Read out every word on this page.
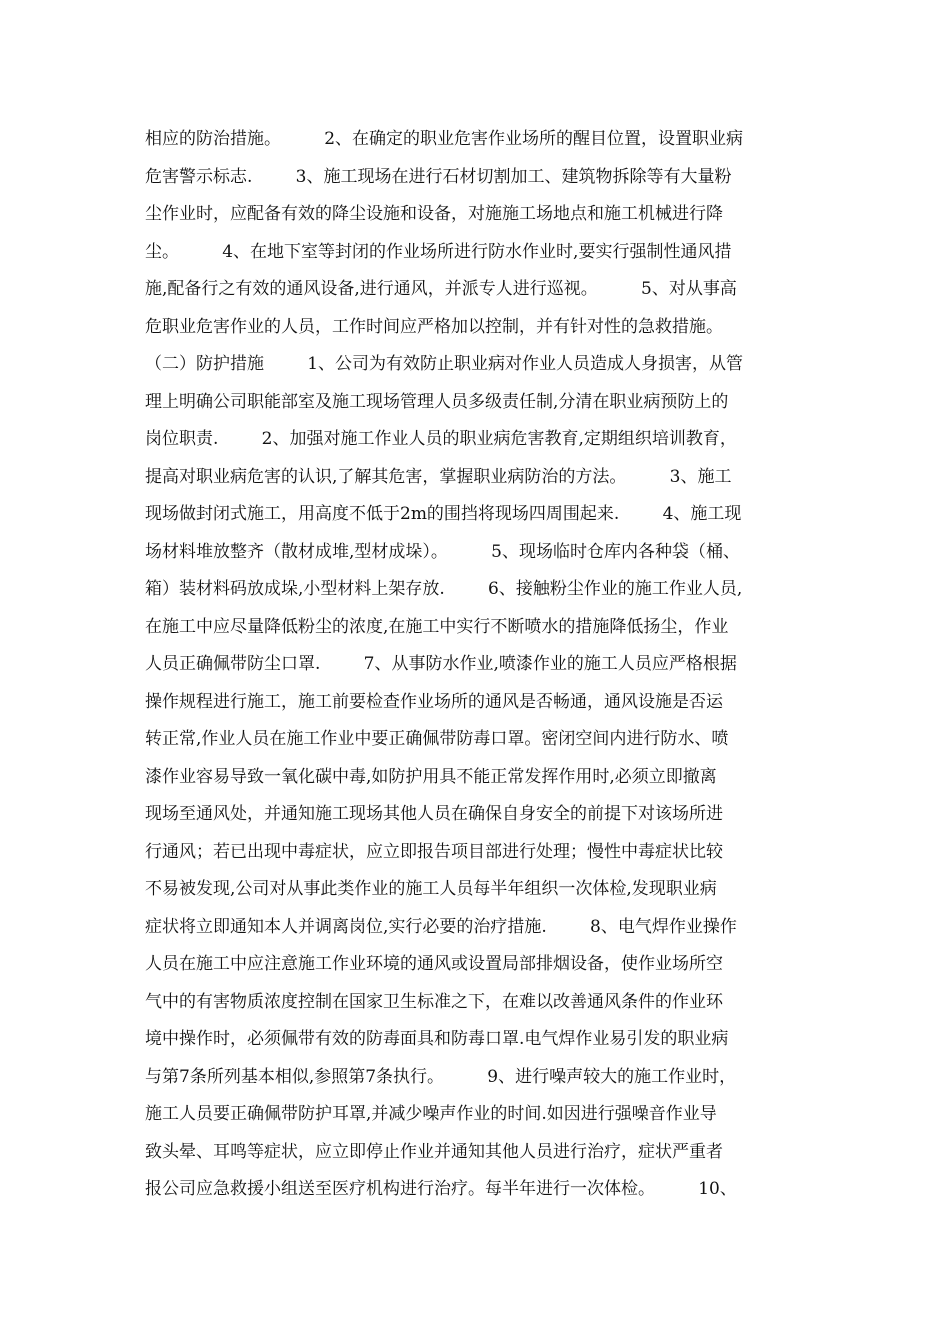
相应的防治措施。        2、在确定的职业危害作业场所的醒目位置，设置职业病
危害警示标志.        3、施工现场在进行石材切割加工、建筑物拆除等有大量粉
尘作业时，应配备有效的降尘设施和设备，对施施工场地点和施工机械进行降
尘。        4、在地下室等封闭的作业场所进行防水作业时,要实行强制性通风措
施,配备行之有效的通风设备,进行通风，并派专人进行巡视。        5、对从事高
危职业危害作业的人员，工作时间应严格加以控制，并有针对性的急救措施。
（二）防护措施        1、公司为有效防止职业病对作业人员造成人身损害，从管
理上明确公司职能部室及施工现场管理人员多级责任制,分清在职业病预防上的
岗位职责.        2、加强对施工作业人员的职业病危害教育,定期组织培训教育，
提高对职业病危害的认识,了解其危害，掌握职业病防治的方法。        3、施工
现场做封闭式施工，用高度不低于2m的围挡将现场四周围起来.        4、施工现
场材料堆放整齐（散材成堆,型材成垛）。        5、现场临时仓库内各种袋（桶、
箱）装材料码放成垛,小型材料上架存放.        6、接触粉尘作业的施工作业人员,
在施工中应尽量降低粉尘的浓度,在施工中实行不断喷水的措施降低扬尘，作业
人员正确佩带防尘口罩.        7、从事防水作业,喷漆作业的施工人员应严格根据
操作规程进行施工，施工前要检查作业场所的通风是否畅通，通风设施是否运
转正常,作业人员在施工作业中要正确佩带防毒口罩。密闭空间内进行防水、喷
漆作业容易导致一氧化碳中毒,如防护用具不能正常发挥作用时,必须立即撤离
现场至通风处，并通知施工现场其他人员在确保自身安全的前提下对该场所进
行通风；若已出现中毒症状，应立即报告项目部进行处理；慢性中毒症状比较
不易被发现,公司对从事此类作业的施工人员每半年组织一次体检,发现职业病
症状将立即通知本人并调离岗位,实行必要的治疗措施.        8、电气焊作业操作
人员在施工中应注意施工作业环境的通风或设置局部排烟设备，使作业场所空
气中的有害物质浓度控制在国家卫生标准之下，在难以改善通风条件的作业环
境中操作时，必须佩带有效的防毒面具和防毒口罩.电气焊作业易引发的职业病
与第7条所列基本相似,参照第7条执行。        9、进行噪声较大的施工作业时，
施工人员要正确佩带防护耳罩,并减少噪声作业的时间.如因进行强噪音作业导
致头晕、耳鸣等症状，应立即停止作业并通知其他人员进行治疗，症状严重者
报公司应急救援小组送至医疗机构进行治疗。每半年进行一次体检。        10、
